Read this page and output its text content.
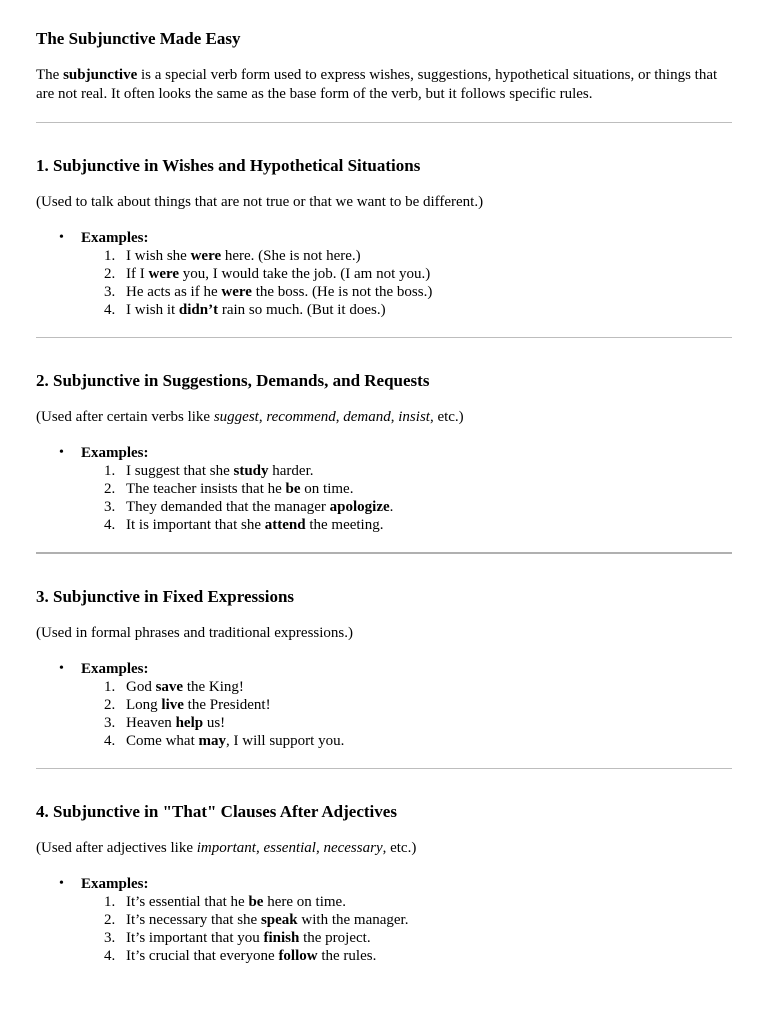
The Subjunctive Made Easy

The subjunctive is a special verb form used to express wishes, suggestions, hypothetical situations, or things that are not real. It often looks the same as the base form of the verb, but it follows specific rules.

1. Subjunctive in Wishes and Hypothetical Situations

(Used to talk about things that are not true or that we want to be different.)

• Examples:
1. I wish she were here. (She is not here.)
2. If I were you, I would take the job. (I am not you.)
3. He acts as if he were the boss. (He is not the boss.)
4. I wish it didn’t rain so much. (But it does.)
2. Subjunctive in Suggestions, Demands, and Requests

(Used after certain verbs like suggest, recommend, demand, insist, etc.)

• Examples:
1. I suggest that she study harder.
2. The teacher insists that he be on time.
3. They demanded that the manager apologize.
4. It is important that she attend the meeting.
3. Subjunctive in Fixed Expressions

(Used in formal phrases and traditional expressions.)

• Examples:
1. God save the King!
2. Long live the President!
3. Heaven help us!
4. Come what may, I will support you.
4. Subjunctive in "That" Clauses After Adjectives

(Used after adjectives like important, essential, necessary, etc.)

• Examples:
1. It’s essential that he be here on time.
2. It’s necessary that she speak with the manager.
3. It’s important that you finish the project.
4. It’s crucial that everyone follow the rules.
